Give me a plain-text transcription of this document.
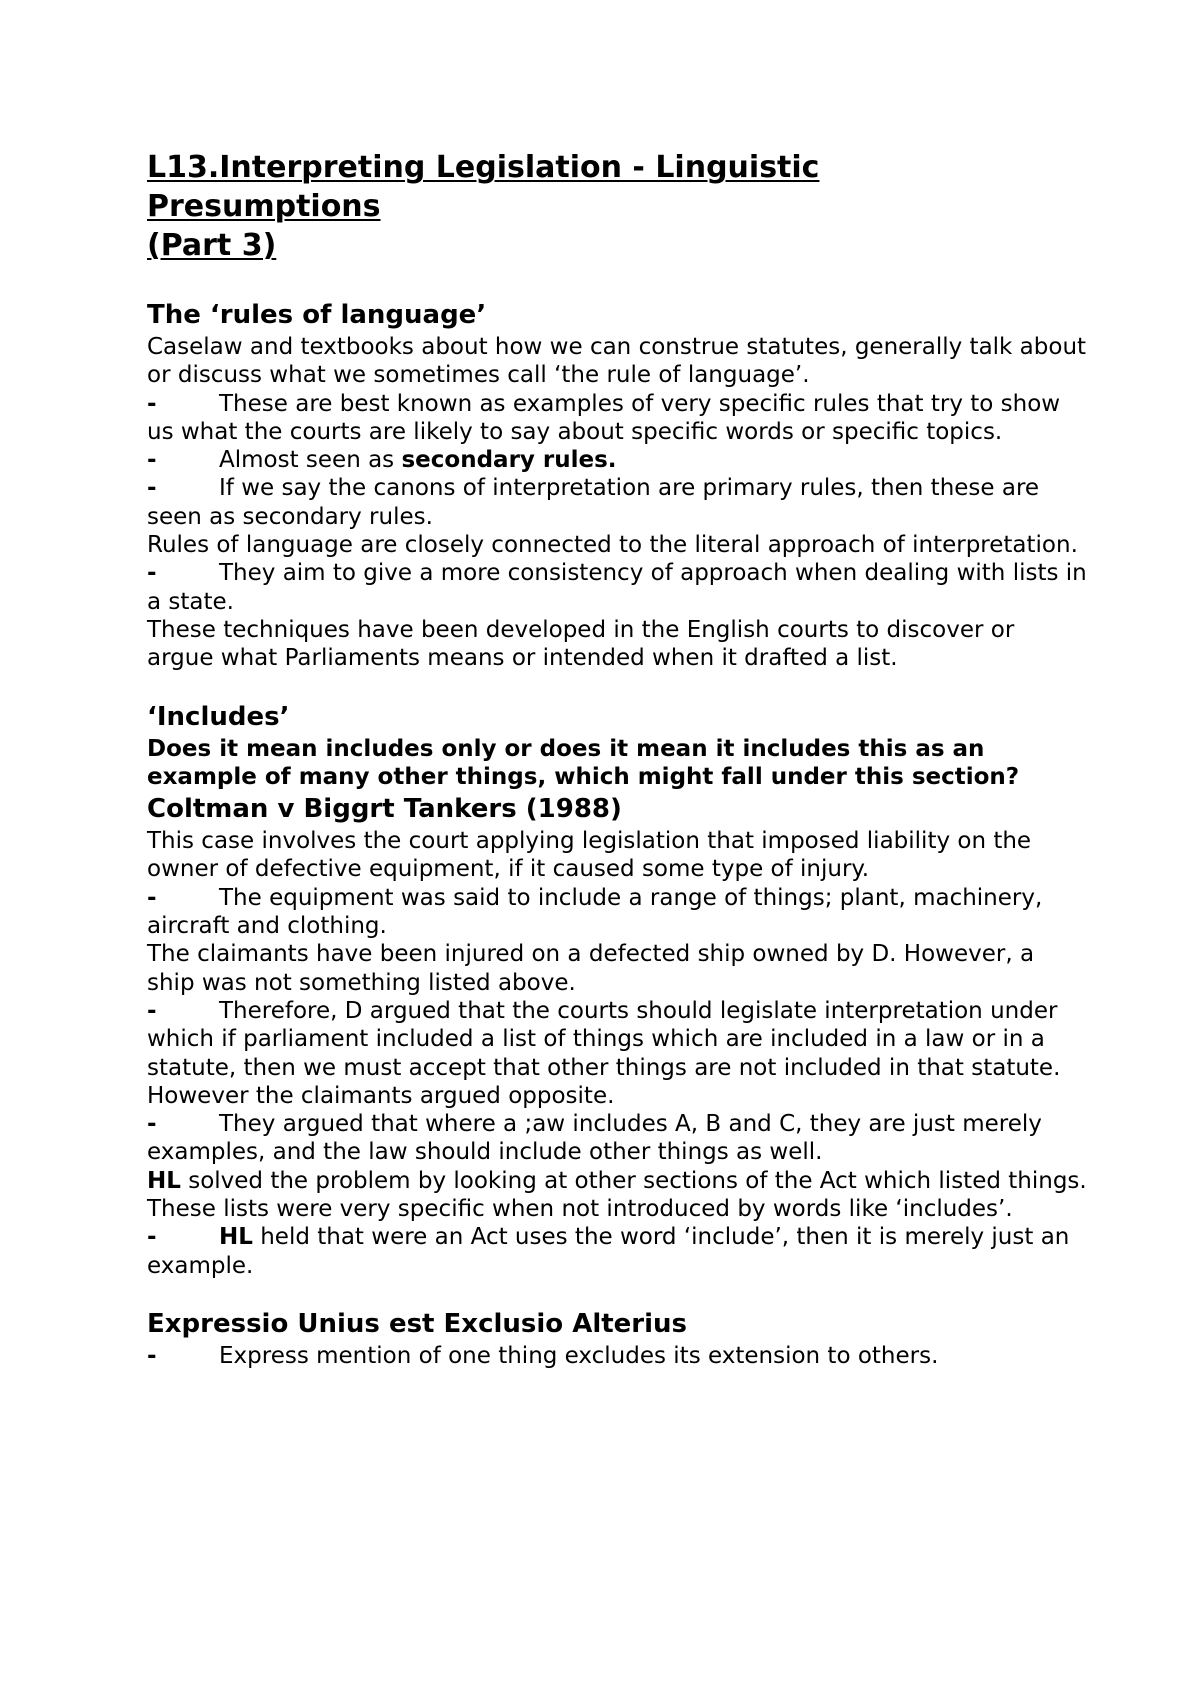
L13.Interpreting Legislation - Linguistic
Presumptions
(Part 3)
The ‘rules of language’

Caselaw and textbooks about how we can construe statutes, generally talk about or discuss what we sometimes call ‘the rule of language’.

-	These are best known as examples of very specific rules that try to show us what the courts are likely to say about specific words or specific topics.
-	Almost seen as secondary rules.
-	If we say the canons of interpretation are primary rules, then these are seen as secondary rules.

Rules of language are closely connected to the literal approach of interpretation.

-	They aim to give a more consistency of approach when dealing with lists in a state.

These techniques have been developed in the English courts to discover or argue what Parliaments means or intended when it drafted a list.

‘Includes’

Does it mean includes only or does it mean it includes this as an example of many other things, which might fall under this section?

Coltman v Biggrt Tankers (1988)

This case involves the court applying legislation that imposed liability on the owner of defective equipment, if it caused some type of injury.

-	The equipment was said to include a range of things; plant, machinery, aircraft and clothing.

The claimants have been injured on a defected ship owned by D. However, a ship was not something listed above.

-	Therefore, D argued that the courts should legislate interpretation under which if parliament included a list of things which are included in a law or in a statute, then we must accept that other things are not included in that statute.

However the claimants argued opposite.

-	They argued that where a ;aw includes A, B and C, they are just merely examples, and the law should include other things as well.

HL solved the problem by looking at other sections of the Act which listed things. These lists were very specific when not introduced by words like ‘includes’.

-	HL held that were an Act uses the word ‘include’, then it is merely just an example.
Expressio Unius est Exclusio Alterius
-	Express mention of one thing excludes its extension to others.
